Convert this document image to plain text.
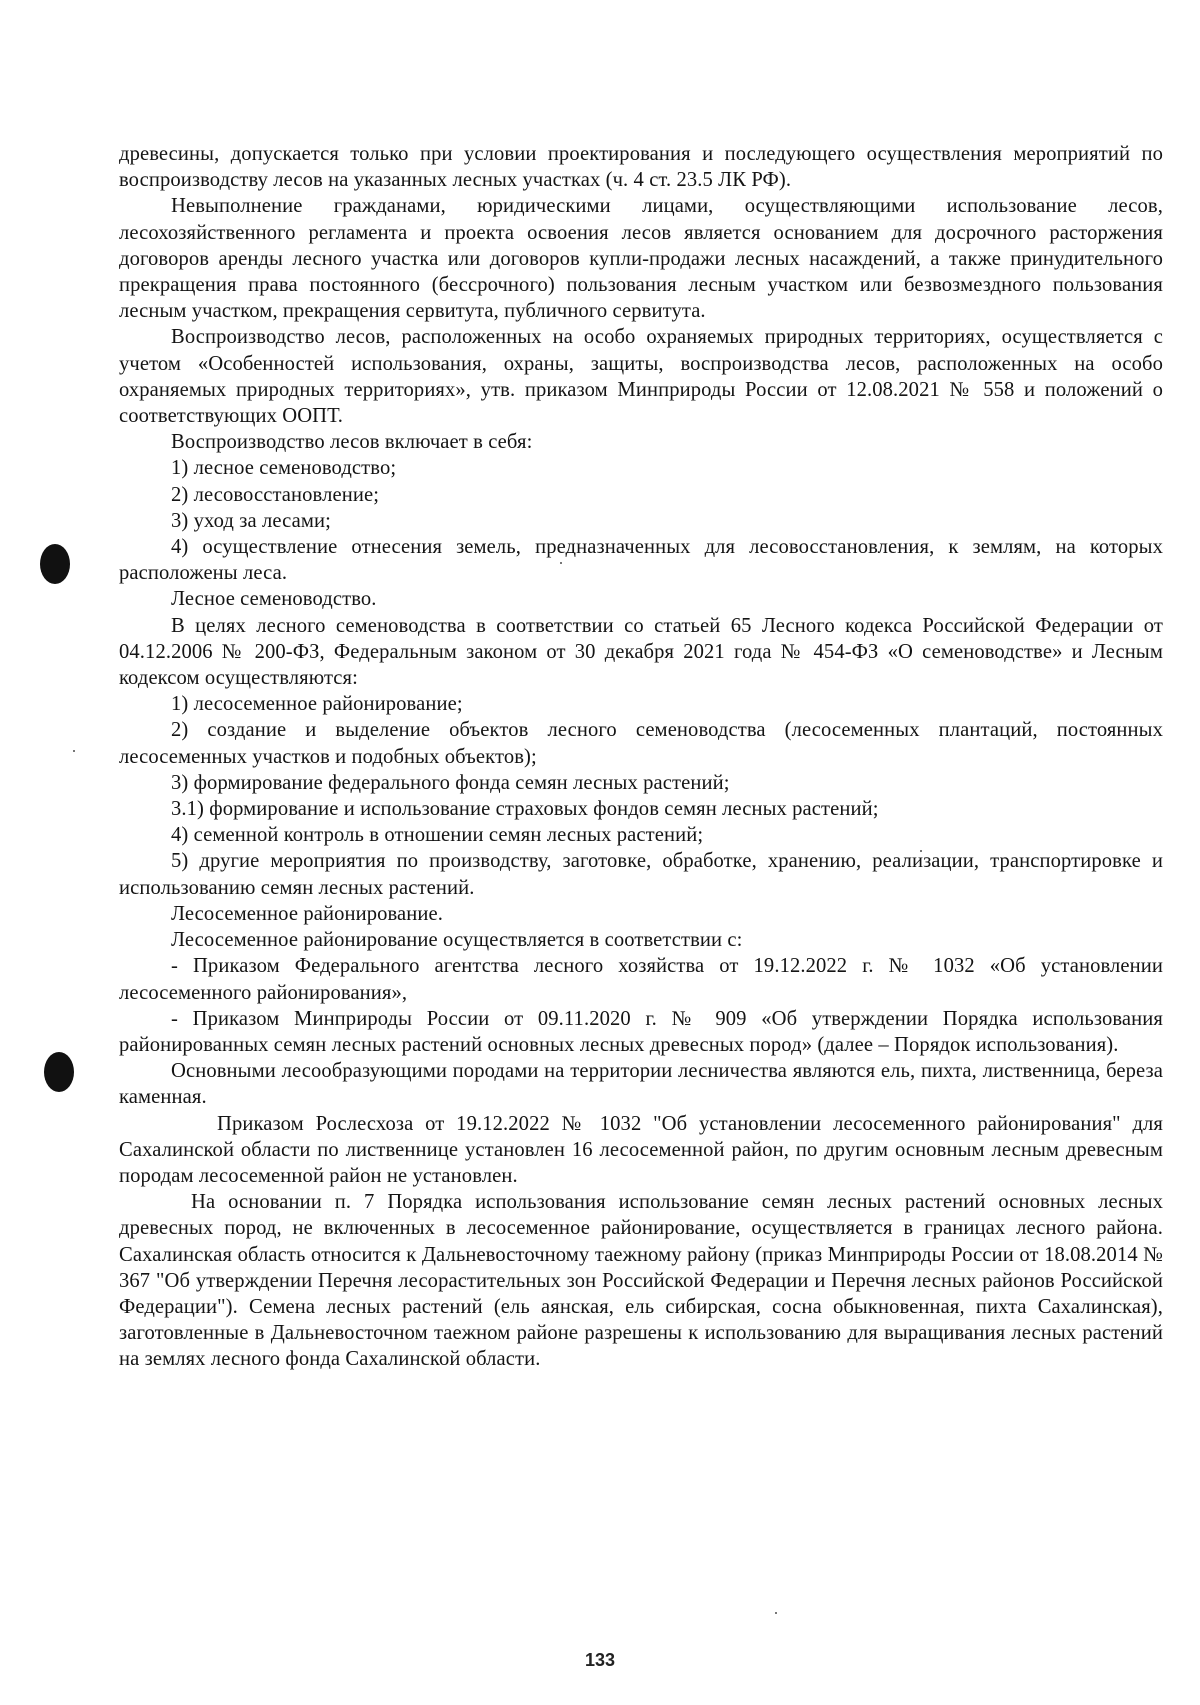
древесины, допускается только при условии проектирования и последующего осуществления мероприятий по воспроизводству лесов на указанных лесных участках (ч. 4 ст. 23.5 ЛК РФ).

Невыполнение гражданами, юридическими лицами, осуществляющими использование лесов, лесохозяйственного регламента и проекта освоения лесов является основанием для досрочного расторжения договоров аренды лесного участка или договоров купли-продажи лесных насаждений, а также принудительного прекращения права постоянного (бессрочного) пользования лесным участком или безвозмездного пользования лесным участком, прекращения сервитута, публичного сервитута.

Воспроизводство лесов, расположенных на особо охраняемых природных территориях, осуществляется с учетом «Особенностей использования, охраны, защиты, воспроизводства лесов, расположенных на особо охраняемых природных территориях», утв. приказом Минприроды России от 12.08.2021 № 558 и положений о соответствующих ООПТ.

Воспроизводство лесов включает в себя:

1) лесное семеноводство;

2) лесовосстановление;

3) уход за лесами;

4) осуществление отнесения земель, предназначенных для лесовосстановления, к землям, на которых расположены леса.

Лесное семеноводство.

В целях лесного семеноводства в соответствии со статьей 65 Лесного кодекса Российской Федерации от 04.12.2006 № 200-ФЗ, Федеральным законом от 30 декабря 2021 года № 454-ФЗ «О семеноводстве» и Лесным кодексом осуществляются:

1) лесосеменное районирование;

2) создание и выделение объектов лесного семеноводства (лесосеменных плантаций, постоянных лесосеменных участков и подобных объектов);

3) формирование федерального фонда семян лесных растений;

3.1) формирование и использование страховых фондов семян лесных растений;

4) семенной контроль в отношении семян лесных растений;

5) другие мероприятия по производству, заготовке, обработке, хранению, реализации, транспортировке и использованию семян лесных растений.

Лесосеменное районирование.

Лесосеменное районирование осуществляется в соответствии с:

- Приказом Федерального агентства лесного хозяйства от 19.12.2022 г. № 1032 «Об установлении лесосеменного районирования»,

- Приказом Минприроды России от 09.11.2020 г. № 909 «Об утверждении Порядка использования районированных семян лесных растений основных лесных древесных пород» (далее – Порядок использования).

Основными лесообразующими породами на территории лесничества являются ель, пихта, лиственница, береза каменная.

Приказом Рослесхоза от 19.12.2022 № 1032 "Об установлении лесосеменного районирования" для Сахалинской области по лиственнице установлен 16 лесосеменной район, по другим основным лесным древесным породам лесосеменной район не установлен.

На основании п. 7 Порядка использования использование семян лесных растений основных лесных древесных пород, не включенных в лесосеменное районирование, осуществляется в границах лесного района. Сахалинская область относится к Дальневосточному таежному району (приказ Минприроды России от 18.08.2014 № 367 "Об утверждении Перечня лесорастительных зон Российской Федерации и Перечня лесных районов Российской Федерации"). Семена лесных растений (ель аянская, ель сибирская, сосна обыкновенная, пихта Сахалинская), заготовленные в Дальневосточном таежном районе разрешены к использованию для выращивания лесных растений на землях лесного фонда Сахалинской области.

133
